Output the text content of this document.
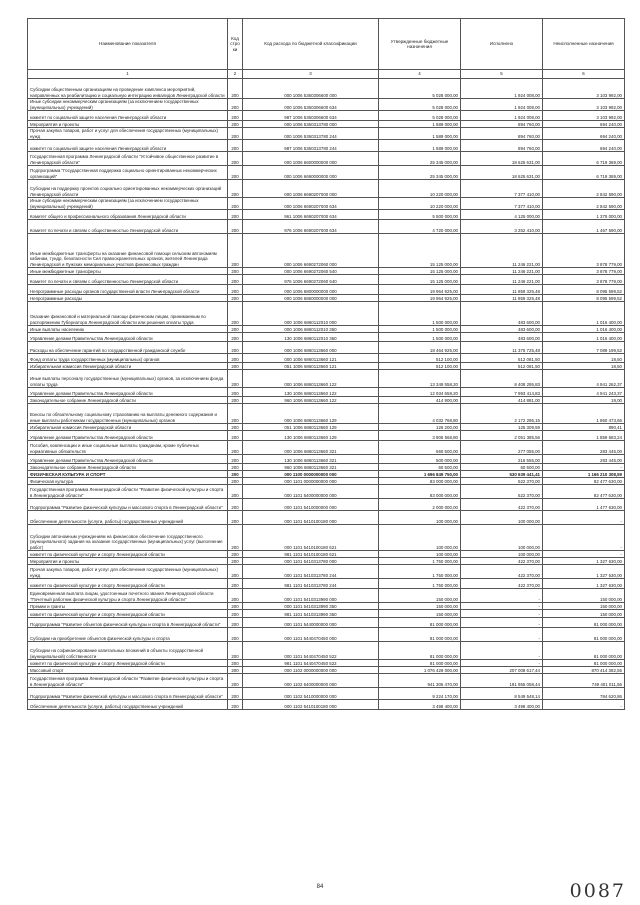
Наименование показателя	Код стро ки	Код расхода по бюджетной классификации	Утвержденные бюджетные назначения	Исполнено	Неисполненные назначения
1	2	3	4	5	6
Субсидии общественным организациям на проведение комплекса мероприятий, направленных на реабилитацию и социальную интеграцию инвалидов Ленинградской области	200	000 1006 5360306600 000	5 028 000,00	1 924 008,00	3 103 992,00
Иные субсидии некоммерческим организациям (за исключением государственных (муниципальных) учреждений)	200	000 1006 5360306600 634	5 028 000,00	1 924 008,00	3 103 992,00
комитет по социальной защите населения Ленинградской области	200	987 1006 5360306600 634	5 028 000,00	1 924 008,00	3 103 992,00
Мероприятия и проекты	200	000 1006 5360313780 000	1 589 000,00	894 760,00	694 240,00
Прочая закупка товаров, работ и услуг для обеспечения государственных (муниципальных) нужд	200	000 1006 5360313780 244	1 589 000,00	894 760,00	694 240,00
комитет по социальной защите населения Ленинградской области	200	987 1006 5360313780 244	1 589 000,00	894 760,00	694 240,00
Государственная программа Ленинградской области "Устойчивое общественное развитие в Ленинградской области"	200	000 1006 6600000000 000	25 345 000,00	18 625 631,00	6 719 369,00
Подпрограмма "Государственная поддержка социально ориентированных некоммерческих организаций"	200	000 1006 6690000000 000	25 345 000,00	18 625 631,00	6 719 369,00
Субсидии на поддержку проектов социально ориентированных некоммерческих организаций Ленинградской области	200	000 1006 6690207000 000	10 220 000,00	7 377 410,00	2 842 590,00
Иные субсидии некоммерческим организациям (за исключением государственных (муниципальных) учреждений)	200	000 1006 6690207000 634	10 220 000,00	7 377 410,00	2 842 590,00
Комитет общего и профессионального образования Ленинградской области	200	961 1006 6690207000 634	5 500 000,00	4 125 000,00	1 375 000,00
Комитет по печати и связям с общественностью Ленинградской области	200	976 1006 6690207000 634	4 720 000,00	3 252 410,00	1 467 590,00
Иные межбюджетные трансферты на оказание финансовой помощи сельским автономиям кабинам, тундр, безопасности Сил правоохранительных органов, жителей Ленинграда Ленинградской и Лужских мемориальных участков финансовых граждан	200	000 1006 6690272060 000	15 125 000,00	11 246 221,00	3 878 779,00
Иные межбюджетные трансферты	200	000 1006 6690272060 540	15 125 000,00	11 246 221,00	3 878 779,00
Комитет по печати и связям с общественностью Ленинградской области	200	976 1006 6690272060 540	15 125 000,00	11 246 221,00	3 878 779,00
Непрограммные расходы органов государственной власти Ленинградской области	200	000 1006 6800000000 000	19 964 925,00	11 859 325,48	8 095 599,52
Непрограммные расходы	200	000 1006 6860000000 000	19 964 925,00	11 859 325,48	8 095 599,52
Оказание финансовой и материальной помощи физическим лицам, принимаемым по распоряжению Губернатора Ленинградской области или решения оплаты труда	200	000 1006 6860112010 000	1 500 000,00	483 600,00	1 016 400,00
Иные выплаты населению	200	000 1006 6860112010 360	1 500 000,00	483 600,00	1 016 400,00
Управление делами Правительства Ленинградской области	200	130 1006 6860112010 360	1 500 000,00	483 600,00	1 016 400,00
Расходы на обеспечение гарантий по государственной гражданской службе	200	000 1006 6860113660 000	18 464 925,00	11 375 725,48	7 089 199,52
Фонд оплаты труда государственных (муниципальных) органов	200	000 1006 6860113660 121	512 100,00	512 081,50	18,50
Избирательная комиссия Ленинградской области	200	051 1006 6860113660 121	512 100,00	512 081,50	18,50
Иные выплаты персоналу государственных (муниципальных) органов, за исключением фонда оплаты труда	200	000 1006 6860113660 122	13 349 558,20	8 408 295,83	4 941 262,37
Управление делами Правительства Ленинградской области	200	130 1006 6860113660 122	12 934 658,20	7 993 414,83	4 941 243,37
Законодательное собрание Ленинградской области	200	960 1006 6860113660 122	414 900,00	414 881,00	19,00
Взносы по обязательному социальному страхованию на выплаты денежного содержания и иные выплаты работникам государственных (муниципальных) органов	200	000 1006 6860113660 129	4 032 768,80	2 172 295,15	1 860 473,65
Избирательная комиссия Ленинградской области	200	051 1006 6860113660 129	126 200,00	125 309,59	890,41
Управление делами Правительства Ленинградской области	200	130 1006 6860113660 129	3 906 568,80	2 051 385,56	1 859 583,24
Пособия, компенсации и иные социальные выплаты гражданам, кроме публичных нормативных обязательств	200	000 1006 6860113660 321	560 500,00	277 055,00	283 445,00
Управление делами Правительства Ленинградской области	200	130 1006 6860113660 321	500 000,00	216 555,00	283 445,00
Законодательное собрание Ленинградской области	200	960 1006 6860113660 321	60 500,00	60 500,00	-
ФИЗИЧЕСКАЯ КУЛЬТУРА И СПОРТ	200	000 1100 0000000000 000	1 696 849 750,00	530 639 441,41	1 166 210 308,59
Физическая культура	200	000 1101 0000000000 000	83 000 000,00	522 370,00	82 477 630,00
Государственная программа Ленинградской области "Развитие физической культуры и спорта в Ленинградской области"	200	000 1101 5400000000 000	83 000 000,00	522 370,00	82 477 630,00
Подпрограмма "Развитие физической культуры и массового спорта в Ленинградской области"	200	000 1101 5410000000 000	2 000 000,00	422 370,00	1 477 630,00
Обеспечение деятельности (услуги, работы) государственных учреждений	200	000 1101 5410100180 000	100 000,00	100 000,00	-
Субсидии автономным учреждениям на финансовое обеспечение государственного (муниципального) задания на оказание государственных (муниципальных) услуг (выполнение работ)	200	000 1101 5410100180 621	100 000,00	100 000,00	-
комитет по физической культуре и спорту Ленинградской области	200	981 1101 5410100180 621	100 000,00	100 000,00	-
Мероприятия и проекты	200	000 1101 5410313780 000	1 750 000,00	422 370,00	1 327 630,00
Прочая закупка товаров, работ и услуг для обеспечения государственных (муниципальных) нужд	200	000 1101 5410313780 244	1 750 000,00	422 370,00	1 327 630,00
комитет по физической культуре и спорту Ленинградской области	200	981 1101 5410313780 244	1 750 000,00	422 370,00	1 327 630,00
Единовременная выплата лицам, удостоенным почетного звания Ленинградской области "Почетный работник физической культуры и спорта Ленинградской области"	200	000 1101 5410313990 000	150 000,00	-	150 000,00
Премии и гранты	200	000 1101 5410313990 350	150 000,00	-	150 000,00
комитет по физической культуре и спорту Ленинградской области	200	981 1101 5410313990 350	150 000,00	-	150 000,00
Подпрограмма "Развитие объектов физической культуры и спорта в Ленинградской области"	200	000 1101 5440000000 000	81 000 000,00	-	81 000 000,00
Субсидии на приобретение объектов физической культуры и спорта	200	000 1101 5440470450 000	81 000 000,00	-	81 000 000,00
Субсидии на софинансирование капитальных вложений в объекты государственной (муниципальной) собственности	200	000 1101 5440470450 522	81 000 000,00	-	81 000 000,00
комитет по физической культуре и спорту Ленинградской области	200	981 1101 5440470450 522	81 000 000,00	-	81 000 000,00
Массовый спорт	200	000 1102 0000000000 000	1 076 429 000,00	207 008 617,44	870 414 382,56
Государственная программа Ленинградской области "Развитие физической культуры и спорта в Ленинградской области"	200	000 1102 5400000000 000	941 306 470,00	191 955 058,44	749 401 011,56
Подпрограмма "Развитие физической культуры и массового спорта в Ленинградской области"	200	000 1102 5410000000 000	9 224 170,00	8 549 548,14	784 620,86
Обеспечение деятельности (услуги, работы) государственных учреждений	200	000 1102 5410100180 000	3 498 400,00	3 498 400,00	-
84	0087
